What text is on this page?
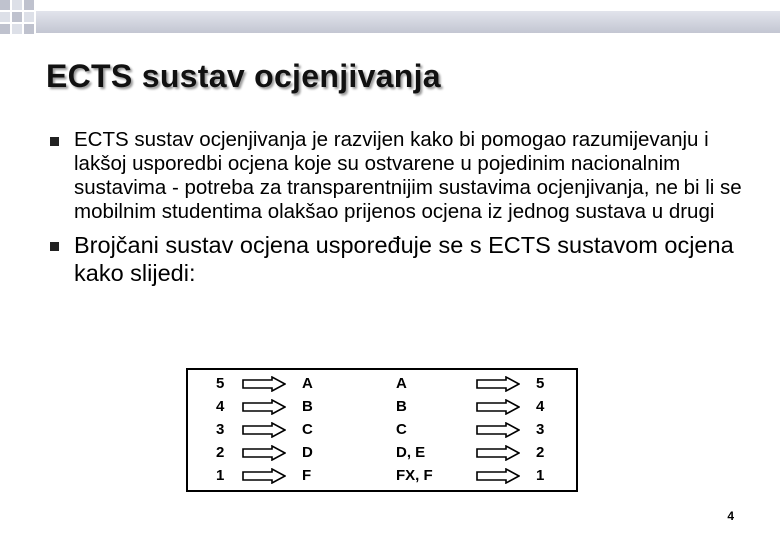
ECTS sustav ocjenjivanja
ECTS sustav ocjenjivanja je razvijen kako bi pomogao razumijevanju i lakšoj usporedbi ocjena koje su ostvarene u pojedinim nacionalnim sustavima - potreba za transparentnijim sustavima ocjenjivanja, ne bi li se mobilnim studentima olakšao prijenos ocjena iz jednog sustava u drugi
Brojčani sustav ocjena uspoređuje se s ECTS sustavom ocjena kako slijedi:
5	A	A	5
4	B	B	4
3	C	C	3
2	D	D, E	2
1	F	FX, F	1
4
